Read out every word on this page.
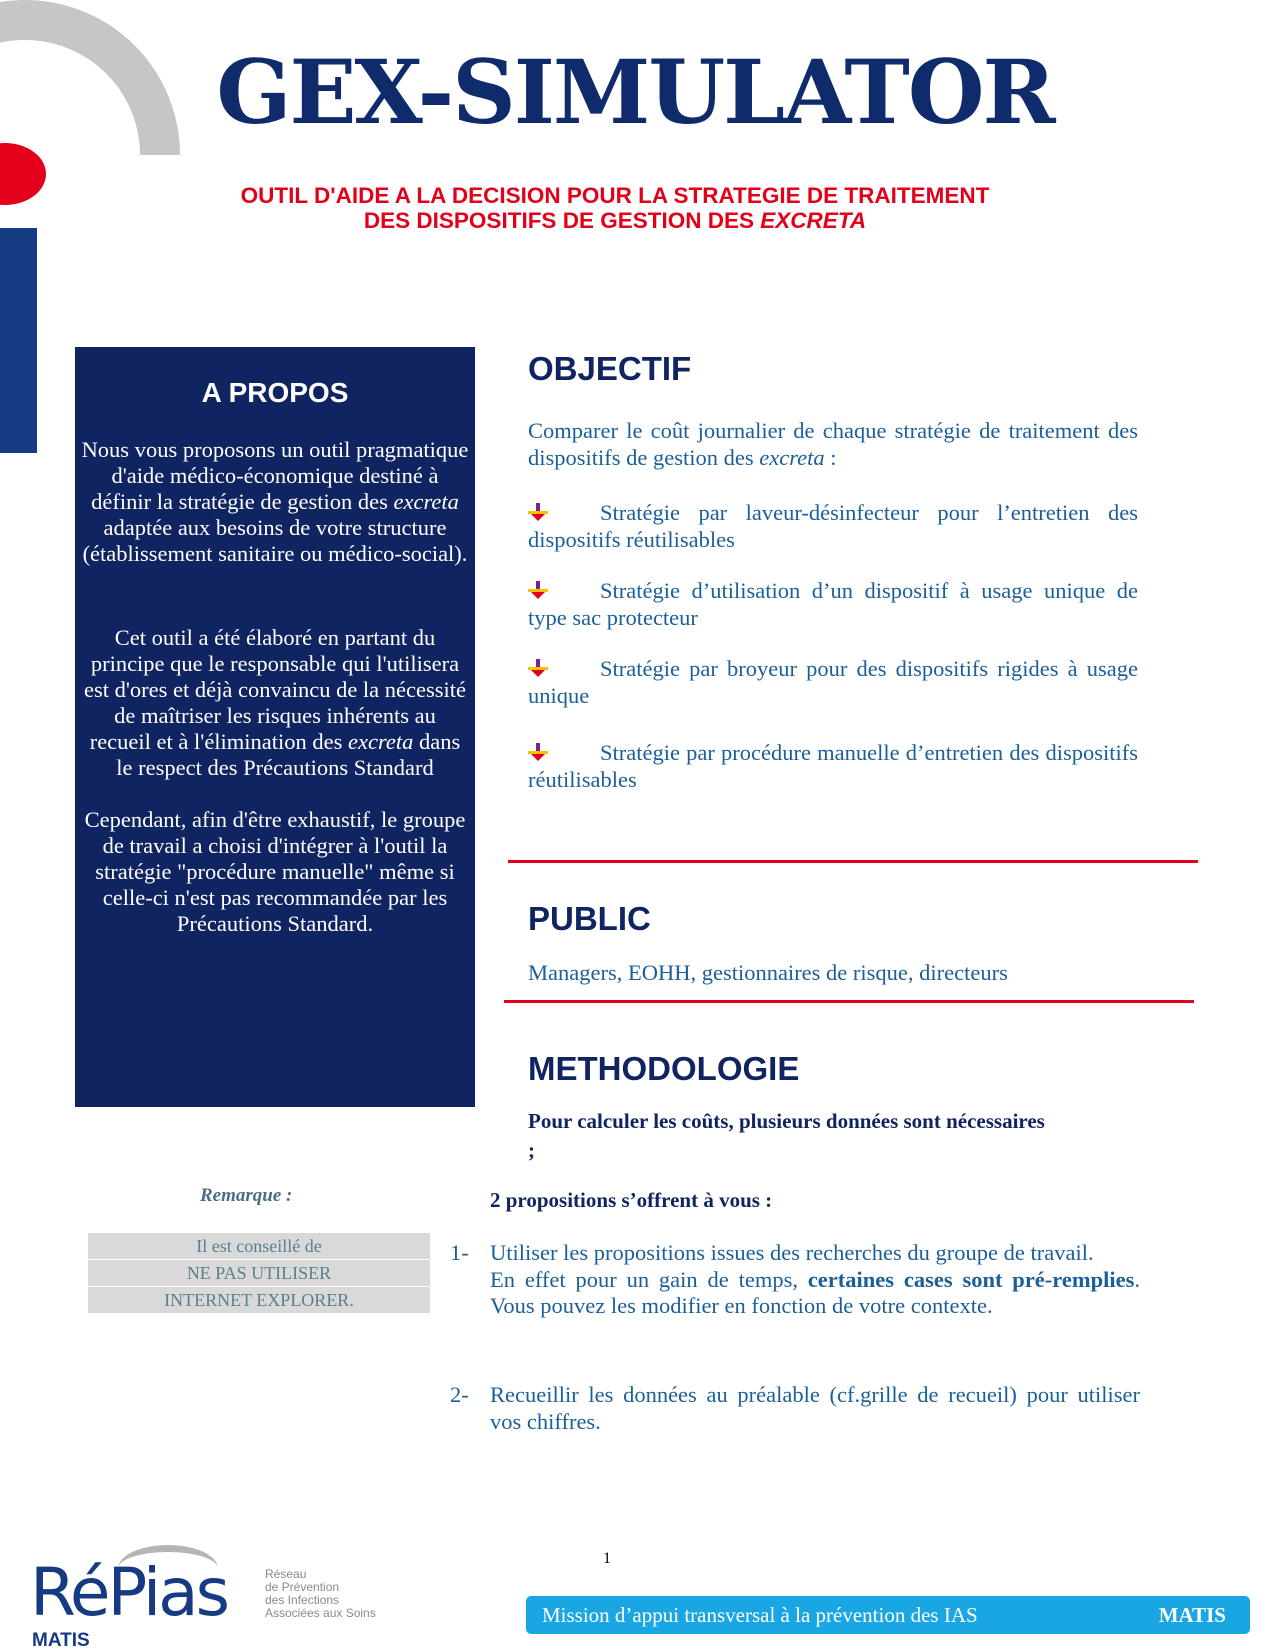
GEX-SIMULATOR
OUTIL D'AIDE A LA DECISION POUR LA STRATEGIE DE TRAITEMENT
DES DISPOSITIFS DE GESTION DES EXCRETA
A PROPOS

Nous vous proposons un outil pragmatique d'aide médico-économique destiné à définir la stratégie de gestion des excreta adaptée aux besoins de votre structure (établissement sanitaire ou médico-social).

Cet outil a été élaboré en partant du principe que le responsable qui l'utilisera est d'ores et déjà convaincu de la nécessité de maîtriser les risques inhérents au recueil et à l'élimination des excreta dans le respect des Précautions Standard

Cependant, afin d'être exhaustif, le groupe de travail a choisi d'intégrer à l'outil la stratégie "procédure manuelle" même si celle-ci n'est pas recommandée par les Précautions Standard.

Remarque :
Il est conseillé de
NE PAS UTILISER
INTERNET EXPLORER.
OBJECTIF
Comparer le coût journalier de chaque stratégie de traitement des dispositifs de gestion des excreta :
Stratégie par laveur-désinfecteur pour l’entretien des dispositifs réutilisables
Stratégie d’utilisation d’un dispositif à usage unique de type sac protecteur
Stratégie par broyeur pour des dispositifs rigides à usage unique
Stratégie par procédure manuelle d’entretien des dispositifs réutilisables
PUBLIC
Managers, EOHH, gestionnaires de risque, directeurs
METHODOLOGIE
Pour calculer les coûts, plusieurs données sont nécessaires ;
2 propositions s’offrent à vous :
1- Utiliser les propositions issues des recherches du groupe de travail.
En effet pour un gain de temps, certaines cases sont pré-remplies. Vous pouvez les modifier en fonction de votre contexte.
2- Recueillir les données au préalable (cf.grille de recueil) pour utiliser vos chiffres.
1
RéPias
MATIS
Réseau
de Prévention
des Infections
Associées aux Soins	Mission d’appui transversal à la prévention des IAS	MATIS
